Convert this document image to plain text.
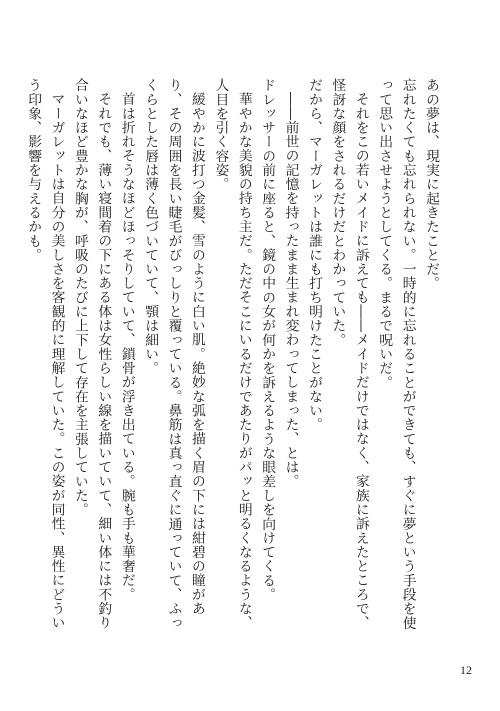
あの夢は、現実に起きたことだ。

忘れたくても忘れられない。一時的に忘れることができても、すぐに夢という手段を使って思い出させようとしてくる。まるで呪いだ。

それをこの若いメイドに訴えても――メイドだけではなく、家族に訴えたところで、怪訝な顔をされるだけだとわかっていた。

だから、マーガレットは誰にも打ち明けたことがない。

――前世の記憶を持ったまま生まれ変わってしまった、とは。

ドレッサーの前に座ると、鏡の中の女が何かを訴えるような眼差しを向けてくる。

華やかな美貌の持ち主だ。ただそこにいるだけであたりがパッと明るくなるような、人目を引く容姿。

緩やかに波打つ金髪、雪のように白い肌。絶妙な弧を描く眉の下には紺碧の瞳があり、その周囲を長い睫毛がびっしりと覆っている。鼻筋は真っ直ぐに通っていて、ふっくらとした唇は薄く色づいていて、顎は細い。

首は折れそうなほどほっそりしていて、鎖骨が浮き出ている。腕も手も華奢だ。

それでも、薄い寝間着の下にある体は女性らしい線を描いていて、細い体には不釣り合いなほど豊かな胸が、呼吸のたびに上下して存在を主張していた。

マーガレットは自分の美しさを客観的に理解していた。この姿が同性、異性にどういう印象、影響を与えるかも。

12
